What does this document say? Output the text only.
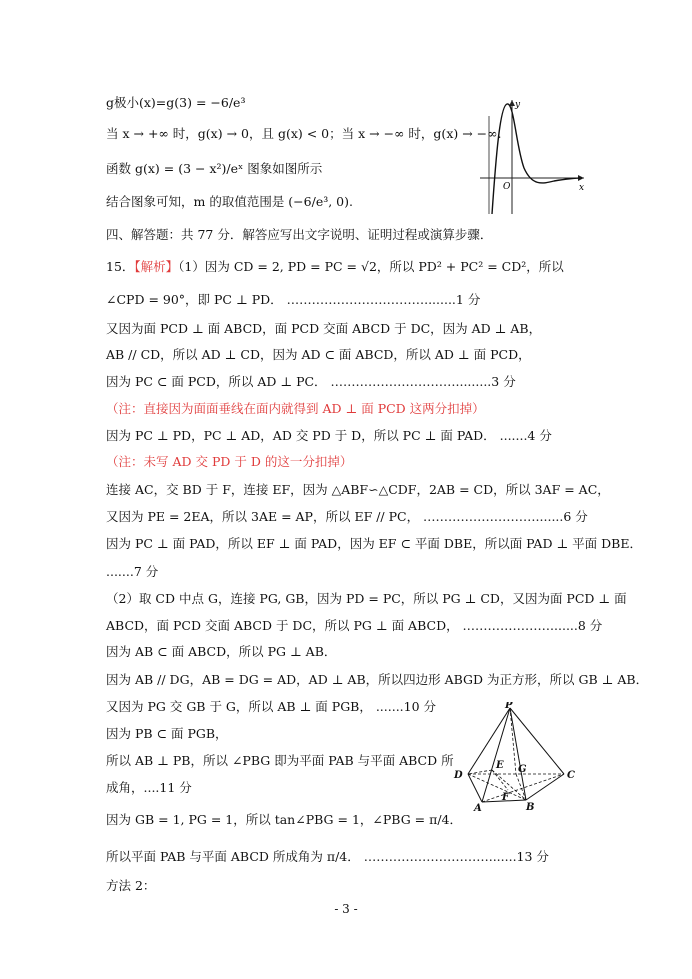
g极小(x)=g(3) = −6/e³
当 x → +∞ 时，g(x) → 0，且 g(x) < 0；当 x → −∞ 时，g(x) → −∞.
函数 g(x) = (3 − x²)/eˣ 图象如图所示
结合图象可知，m 的取值范围是 (−6/e³, 0).
四、解答题：共 77 分．解答应写出文字说明、证明过程或演算步骤．
15．【解析】（1）因为 CD = 2, PD = PC = √2，所以 PD² + PC² = CD²，所以
∠CPD = 90°，即 PC ⊥ PD． ……………………………........1 分
又因为面 PCD ⊥ 面 ABCD，面 PCD 交面 ABCD 于 DC，因为 AD ⊥ AB，
AB // CD，所以 AD ⊥ CD，因为 AD ⊂ 面 ABCD，所以 AD ⊥ 面 PCD，
因为 PC ⊂ 面 PCD，所以 AD ⊥ PC． ………………………….........3 分
（注：直接因为面面垂线在面内就得到 AD ⊥ 面 PCD 这两分扣掉）
因为 PC ⊥ PD，PC ⊥ AD，AD 交 PD 于 D，所以 PC ⊥ 面 PAD． .......4 分
（注：未写 AD 交 PD 于 D 的这一分扣掉）
连接 AC，交 BD 于 F，连接 EF，因为 △ABF∽△CDF，2AB = CD，所以 3AF = AC，
又因为 PE = 2EA，所以 3AE = AP，所以 EF // PC， ……………………….......6 分
因为 PC ⊥ 面 PAD，所以 EF ⊥ 面 PAD，因为 EF ⊂ 平面 DBE，所以面 PAD ⊥ 平面 DBE．
.......7 分
（2）取 CD 中点 G，连接 PG, GB，因为 PD = PC，所以 PG ⊥ CD，又因为面 PCD ⊥ 面
ABCD，面 PCD 交面 ABCD 于 DC，所以 PG ⊥ 面 ABCD， ………………….......8 分
因为 AB ⊂ 面 ABCD，所以 PG ⊥ AB．
因为 AB // DG，AB = DG = AD，AD ⊥ AB，所以四边形 ABGD 为正方形，所以 GB ⊥ AB．
又因为 PG 交 GB 于 G，所以 AB ⊥ 面 PGB， .......10 分
因为 PB ⊂ 面 PGB，
所以 AB ⊥ PB，所以 ∠PBG 即为平面 PAB 与平面 ABCD 所
成角，....11 分
因为 GB = 1, PG = 1，所以 tan∠PBG = 1，∠PBG = π/4．
所以平面 PAB 与平面 ABCD 所成角为 π/4． ………………………….......13 分
方法 2：
y
x
O
P
D	C
A	B
E G
F
- 3 -
